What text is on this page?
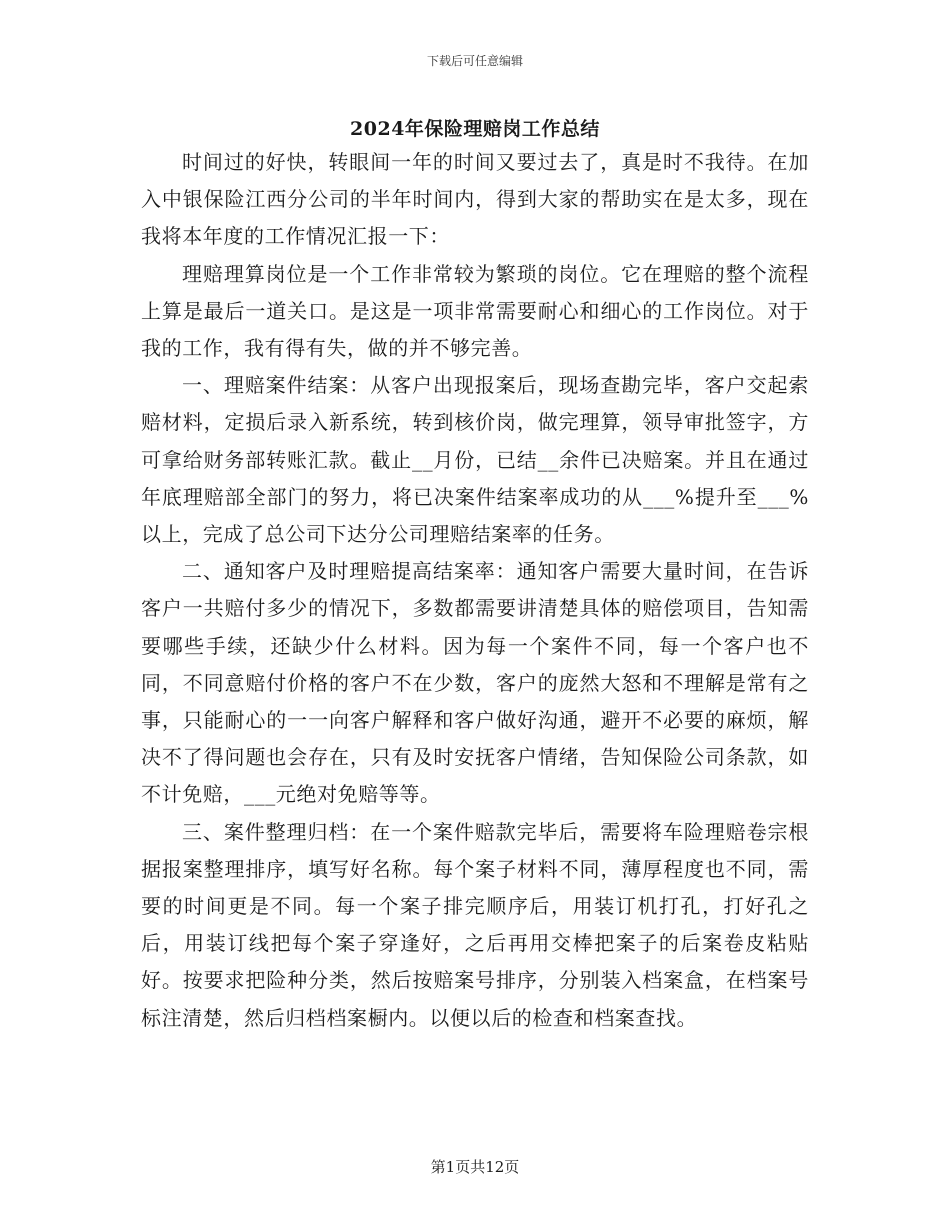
下载后可任意编辑
2024年保险理赔岗工作总结

时间过的好快，转眼间一年的时间又要过去了，真是时不我待。在加入中银保险江西分公司的半年时间内，得到大家的帮助实在是太多，现在我将本年度的工作情况汇报一下：

理赔理算岗位是一个工作非常较为繁琐的岗位。它在理赔的整个流程上算是最后一道关口。是这是一项非常需要耐心和细心的工作岗位。对于我的工作，我有得有失，做的并不够完善。

一、理赔案件结案：从客户出现报案后，现场查勘完毕，客户交起索赔材料，定损后录入新系统，转到核价岗，做完理算，领导审批签字，方可拿给财务部转账汇款。截止__月份，已结__余件已决赔案。并且在通过年底理赔部全部门的努力，将已决案件结案率成功的从___%提升至___%以上，完成了总公司下达分公司理赔结案率的任务。

二、通知客户及时理赔提高结案率：通知客户需要大量时间，在告诉客户一共赔付多少的情况下，多数都需要讲清楚具体的赔偿项目，告知需要哪些手续，还缺少什么材料。因为每一个案件不同，每一个客户也不同，不同意赔付价格的客户不在少数，客户的庞然大怒和不理解是常有之事，只能耐心的一一向客户解释和客户做好沟通，避开不必要的麻烦，解决不了得问题也会存在，只有及时安抚客户情绪，告知保险公司条款，如不计免赔，___元绝对免赔等等。

三、案件整理归档：在一个案件赔款完毕后，需要将车险理赔卷宗根据报案整理排序，填写好名称。每个案子材料不同，薄厚程度也不同，需要的时间更是不同。每一个案子排完顺序后，用装订机打孔，打好孔之后，用装订线把每个案子穿逢好，之后再用交棒把案子的后案卷皮粘贴好。按要求把险种分类，然后按赔案号排序，分别装入档案盒，在档案号标注清楚，然后归档档案橱内。以便以后的检查和档案查找。

第1页共12页
